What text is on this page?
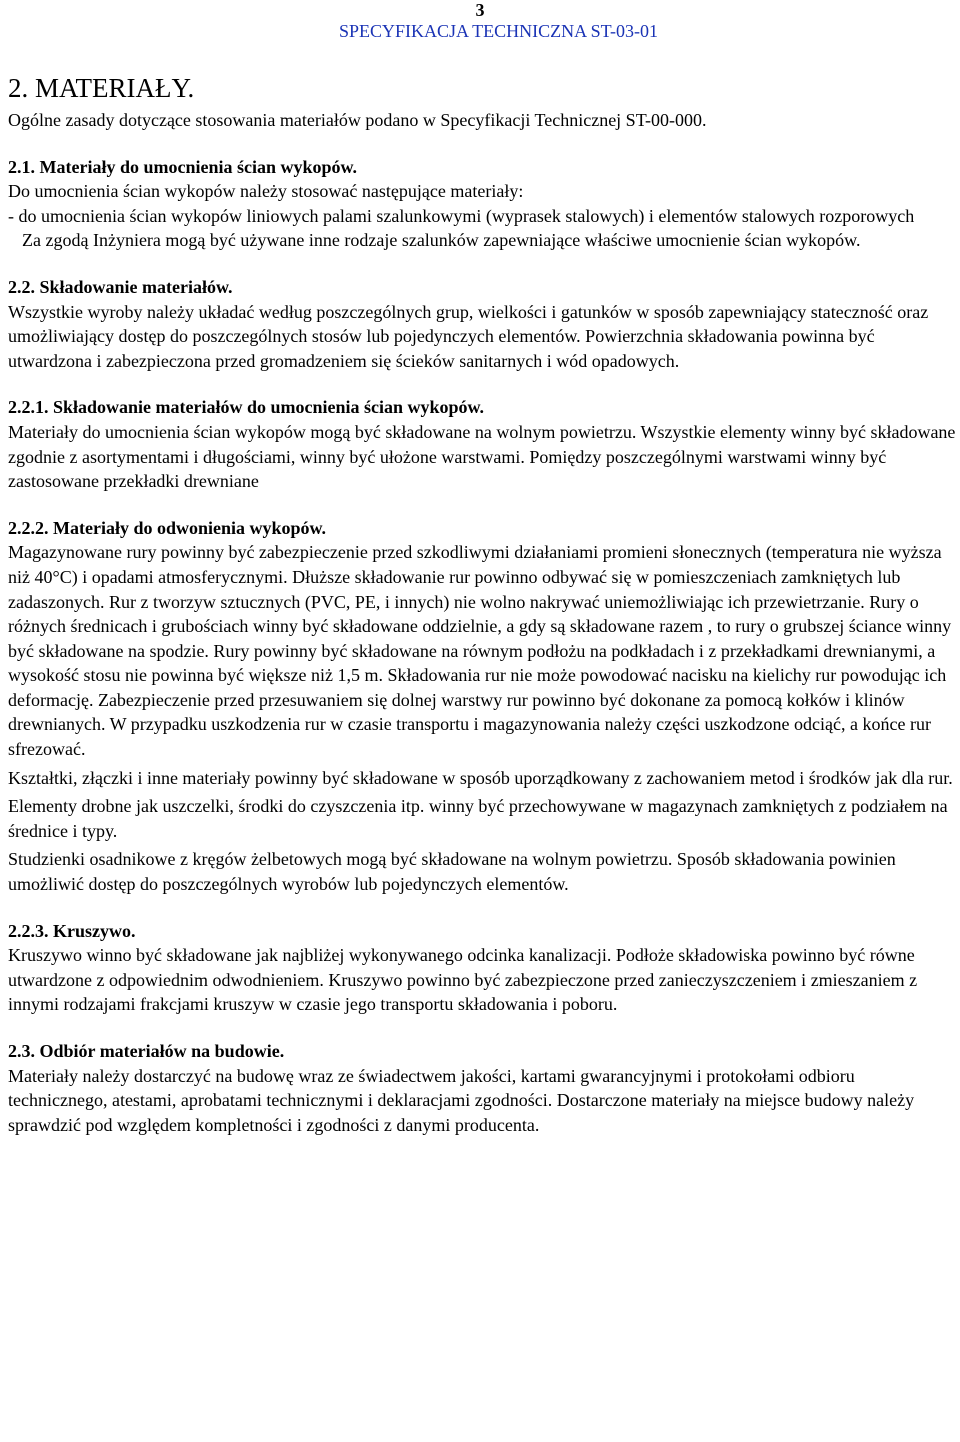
3
SPECYFIKACJA TECHNICZNA ST-03-01
2. MATERIAŁY.

Ogólne zasady dotyczące stosowania materiałów podano w Specyfikacji Technicznej ST-00-000.

2.1. Materiały do umocnienia ścian wykopów.

Do umocnienia ścian wykopów należy stosować następujące materiały:

- do umocnienia ścian wykopów liniowych palami szalunkowymi (wyprasek stalowych) i elementów stalowych rozporowych

Za zgodą Inżyniera mogą być używane inne rodzaje szalunków zapewniające właściwe umocnienie ścian wykopów.

2.2. Składowanie materiałów.

Wszystkie wyroby należy układać według poszczególnych grup, wielkości i gatunków w sposób zapewniający stateczność oraz umożliwiający dostęp do poszczególnych stosów lub pojedynczych elementów. Powierzchnia składowania powinna być utwardzona i zabezpieczona przed gromadzeniem się ścieków sanitarnych i wód opadowych.

2.2.1. Składowanie materiałów do umocnienia ścian wykopów.

Materiały do umocnienia ścian wykopów mogą być składowane na wolnym powietrzu. Wszystkie elementy winny być składowane zgodnie z asortymentami i długościami, winny być ułożone warstwami. Pomiędzy poszczególnymi warstwami winny być zastosowane przekładki drewniane

2.2.2. Materiały do odwonienia wykopów.

Magazynowane rury powinny być zabezpieczenie przed szkodliwymi działaniami promieni słonecznych (temperatura nie wyższa niż 40°C) i opadami atmosferycznymi. Dłuższe składowanie rur powinno odbywać się w pomieszczeniach zamkniętych lub zadaszonych. Rur z tworzyw sztucznych (PVC, PE, i innych) nie wolno nakrywać uniemożliwiając ich przewietrzanie. Rury o różnych średnicach i grubościach winny być składowane oddzielnie, a gdy są składowane razem , to rury o grubszej ściance winny być składowane na spodzie. Rury powinny być składowane na równym podłożu na podkładach i z przekładkami drewnianymi, a wysokość stosu nie powinna być większe niż 1,5 m. Składowania rur nie może powodować nacisku na kielichy rur powodując ich deformację. Zabezpieczenie przed przesuwaniem się dolnej warstwy rur powinno być dokonane za pomocą kołków i klinów drewnianych. W przypadku uszkodzenia rur w czasie transportu i magazynowania należy części uszkodzone odciąć, a końce rur sfrezować.

Kształtki, złączki i inne materiały powinny być składowane w sposób uporządkowany z zachowaniem metod i środków jak dla rur.

Elementy drobne jak uszczelki, środki do czyszczenia itp. winny być przechowywane w magazynach zamkniętych z podziałem na średnice i typy.

Studzienki osadnikowe z kręgów żelbetowych mogą być składowane na wolnym powietrzu. Sposób składowania powinien umożliwić dostęp do poszczególnych wyrobów lub pojedynczych elementów.

2.2.3. Kruszywo.

Kruszywo winno być składowane jak najbliżej wykonywanego odcinka kanalizacji. Podłoże składowiska powinno być równe utwardzone z odpowiednim odwodnieniem. Kruszywo powinno być zabezpieczone przed zanieczyszczeniem i zmieszaniem z innymi rodzajami frakcjami kruszyw w czasie jego transportu składowania i poboru.

2.3. Odbiór materiałów na budowie.

Materiały należy dostarczyć na budowę wraz ze świadectwem jakości, kartami gwarancyjnymi i protokołami odbioru technicznego, atestami, aprobatami technicznymi i deklaracjami zgodności. Dostarczone materiały na miejsce budowy należy sprawdzić pod względem kompletności i zgodności z danymi producenta.
